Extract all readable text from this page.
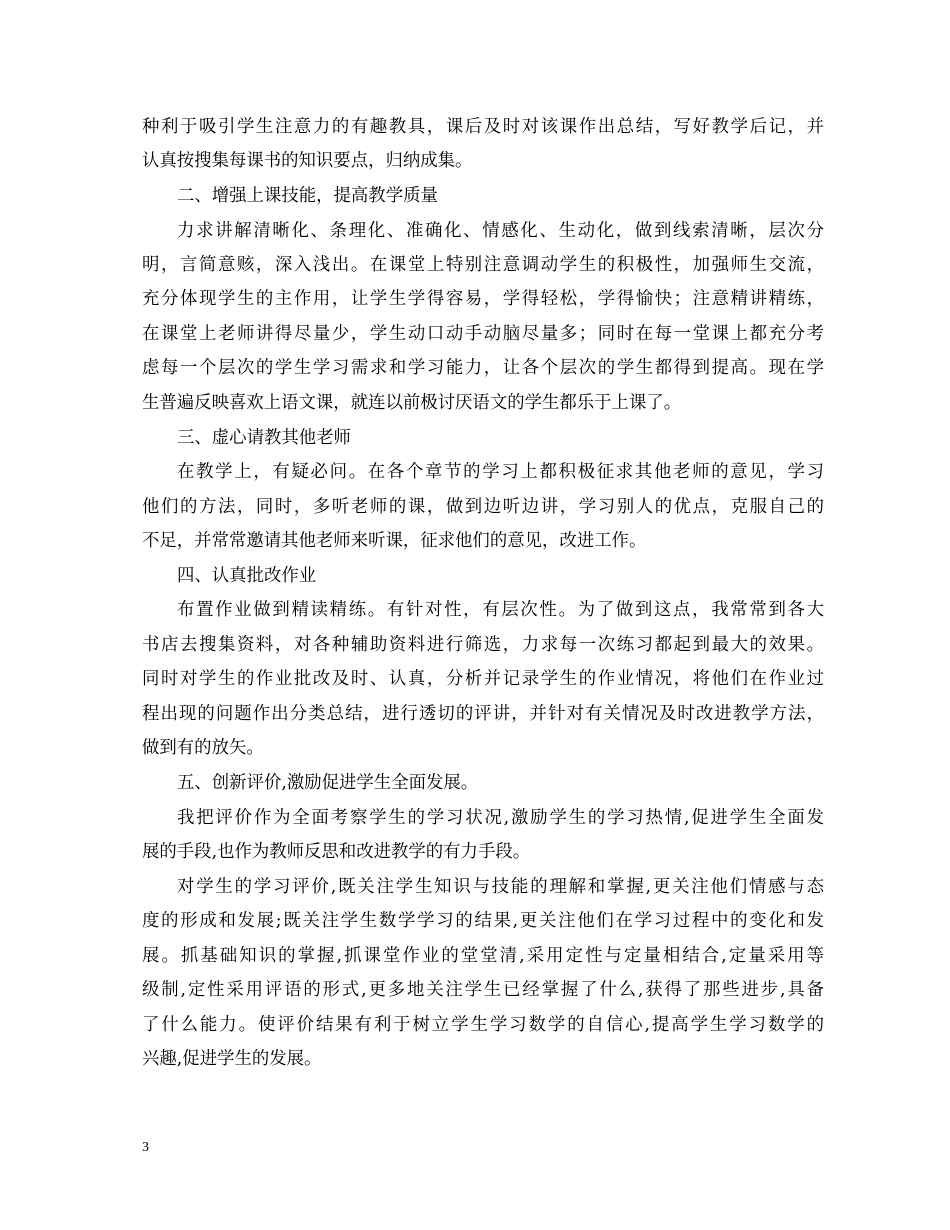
种利于吸引学生注意力的有趣教具，课后及时对该课作出总结，写好教学后记，并
认真按搜集每课书的知识要点，归纳成集。
二、增强上课技能，提高教学质量
力求讲解清晰化、条理化、准确化、情感化、生动化，做到线索清晰，层次分
明，言简意赅，深入浅出。在课堂上特别注意调动学生的积极性，加强师生交流，
充分体现学生的主作用，让学生学得容易，学得轻松，学得愉快；注意精讲精练，
在课堂上老师讲得尽量少，学生动口动手动脑尽量多；同时在每一堂课上都充分考
虑每一个层次的学生学习需求和学习能力，让各个层次的学生都得到提高。现在学
生普遍反映喜欢上语文课，就连以前极讨厌语文的学生都乐于上课了。
三、虚心请教其他老师
在教学上，有疑必问。在各个章节的学习上都积极征求其他老师的意见，学习
他们的方法，同时，多听老师的课，做到边听边讲，学习别人的优点，克服自己的
不足，并常常邀请其他老师来听课，征求他们的意见，改进工作。
四、认真批改作业
布置作业做到精读精练。有针对性，有层次性。为了做到这点，我常常到各大
书店去搜集资料，对各种辅助资料进行筛选，力求每一次练习都起到最大的效果。
同时对学生的作业批改及时、认真，分析并记录学生的作业情况，将他们在作业过
程出现的问题作出分类总结，进行透切的评讲，并针对有关情况及时改进教学方法，
做到有的放矢。
五、创新评价,激励促进学生全面发展。
我把评价作为全面考察学生的学习状况,激励学生的学习热情,促进学生全面发
展的手段,也作为教师反思和改进教学的有力手段。
对学生的学习评价,既关注学生知识与技能的理解和掌握,更关注他们情感与态
度的形成和发展;既关注学生数学学习的结果,更关注他们在学习过程中的变化和发
展。抓基础知识的掌握,抓课堂作业的堂堂清,采用定性与定量相结合,定量采用等
级制,定性采用评语的形式,更多地关注学生已经掌握了什么,获得了那些进步,具备
了什么能力。使评价结果有利于树立学生学习数学的自信心,提高学生学习数学的
兴趣,促进学生的发展。
3
